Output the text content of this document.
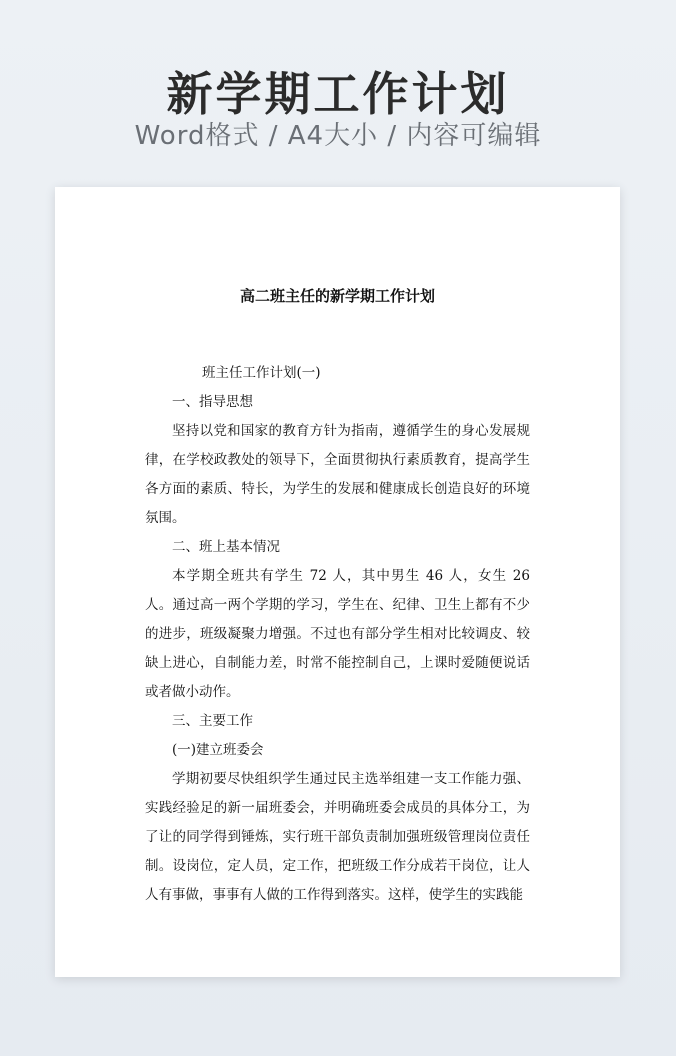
新学期工作计划
Word格式 / A4大小 / 内容可编辑
高二班主任的新学期工作计划

班主任工作计划(一)

一、指导思想

坚持以党和国家的教育方针为指南，遵循学生的身心发展规律，在学校政教处的领导下，全面贯彻执行素质教育，提高学生各方面的素质、特长，为学生的发展和健康成长创造良好的环境氛围。

二、班上基本情况

本学期全班共有学生 72 人，其中男生 46 人，女生 26 人。通过高一两个学期的学习，学生在、纪律、卫生上都有不少的进步，班级凝聚力增强。不过也有部分学生相对比较调皮、较缺上进心，自制能力差，时常不能控制自己，上课时爱随便说话或者做小动作。

三、主要工作

(一)建立班委会

学期初要尽快组织学生通过民主选举组建一支工作能力强、实践经验足的新一届班委会，并明确班委会成员的具体分工，为了让的同学得到锤炼，实行班干部负责制加强班级管理岗位责任制。设岗位，定人员，定工作，把班级工作分成若干岗位，让人人有事做，事事有人做的工作得到落实。这样，使学生的实践能
